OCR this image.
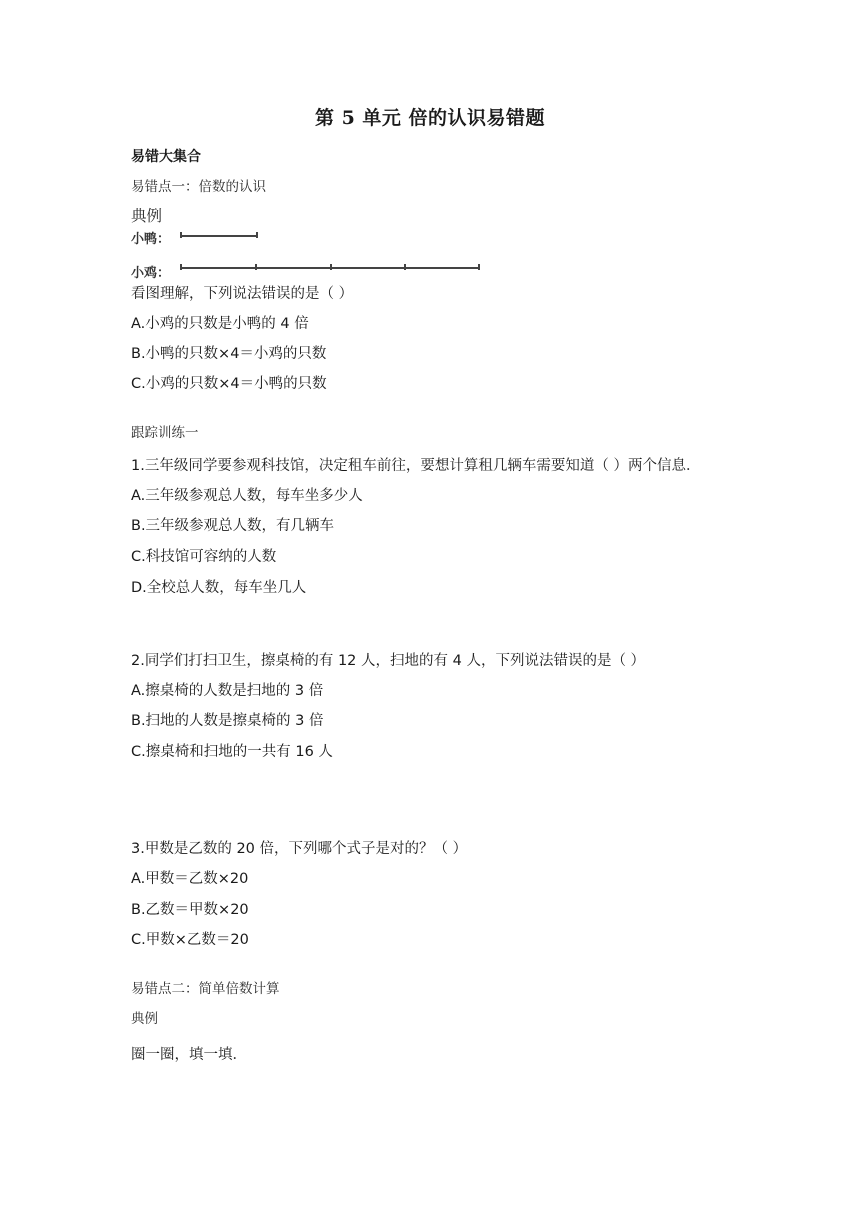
第 5 单元 倍的认识易错题
易错大集合
易错点一：倍数的认识
典例
小鸭：
小鸡：
看图理解，下列说法错误的是（ ）
A.小鸡的只数是小鸭的 4 倍
B.小鸭的只数×4＝小鸡的只数
C.小鸡的只数×4＝小鸭的只数
跟踪训练一
1.三年级同学要参观科技馆，决定租车前往，要想计算租几辆车需要知道（ ）两个信息．
A.三年级参观总人数，每车坐多少人
B.三年级参观总人数，有几辆车
C.科技馆可容纳的人数
D.全校总人数，每车坐几人
2.同学们打扫卫生，擦桌椅的有 12 人，扫地的有 4 人，下列说法错误的是（ ）
A.擦桌椅的人数是扫地的 3 倍
B.扫地的人数是擦桌椅的 3 倍
C.擦桌椅和扫地的一共有 16 人
3.甲数是乙数的 20 倍，下列哪个式子是对的？（ ）
A.甲数＝乙数×20
B.乙数＝甲数×20
C.甲数×乙数＝20
易错点二：简单倍数计算
典例
圈一圈，填一填．
